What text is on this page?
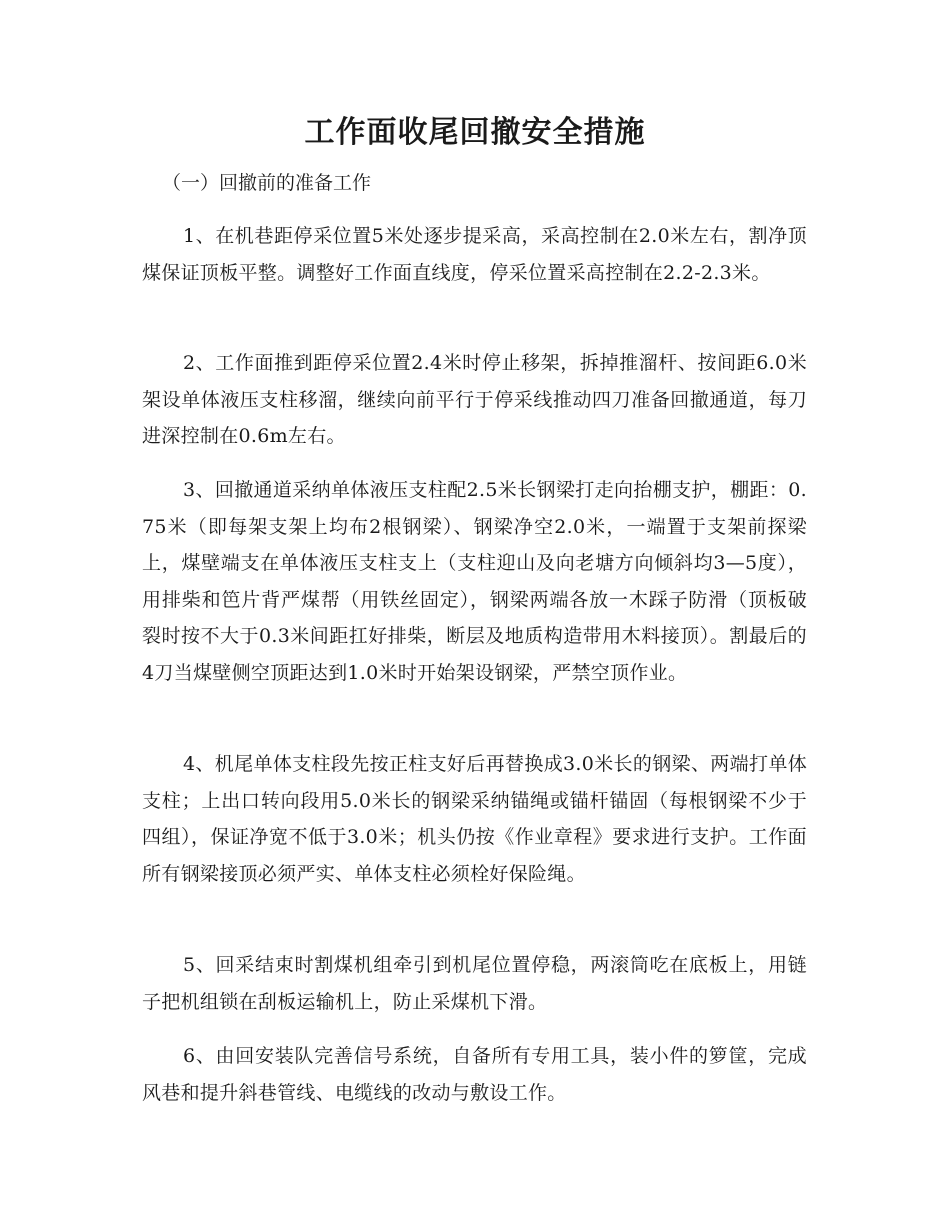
工作面收尾回撤安全措施
（一）回撤前的准备工作

1、在机巷距停采位置5米处逐步提采高，采高控制在2.0米左右，割净顶煤保证顶板平整。调整好工作面直线度，停采位置采高控制在2.2-2.3米。

2、工作面推到距停采位置2.4米时停止移架，拆掉推溜杆、按间距6.0米架设单体液压支柱移溜，继续向前平行于停采线推动四刀准备回撤通道，每刀进深控制在0.6m左右。

3、回撤通道采纳单体液压支柱配2.5米长钢梁打走向抬棚支护，棚距：0.75米（即每架支架上均布2根钢梁）、钢梁净空2.0米，一端置于支架前探梁上，煤壁端支在单体液压支柱支上（支柱迎山及向老塘方向倾斜均3—5度），用排柴和笆片背严煤帮（用铁丝固定），钢梁两端各放一木踩子防滑（顶板破裂时按不大于0.3米间距扛好排柴，断层及地质构造带用木料接顶）。割最后的4刀当煤壁侧空顶距达到1.0米时开始架设钢梁，严禁空顶作业。

4、机尾单体支柱段先按正柱支好后再替换成3.0米长的钢梁、两端打单体支柱；上出口转向段用5.0米长的钢梁采纳锚绳或锚杆锚固（每根钢梁不少于四组），保证净宽不低于3.0米；机头仍按《作业章程》要求进行支护。工作面所有钢梁接顶必须严实、单体支柱必须栓好保险绳。

5、回采结束时割煤机组牵引到机尾位置停稳，两滚筒吃在底板上，用链子把机组锁在刮板运输机上，防止采煤机下滑。

6、由回安装队完善信号系统，自备所有专用工具，装小件的箩筐，完成风巷和提升斜巷管线、电缆线的改动与敷设工作。
